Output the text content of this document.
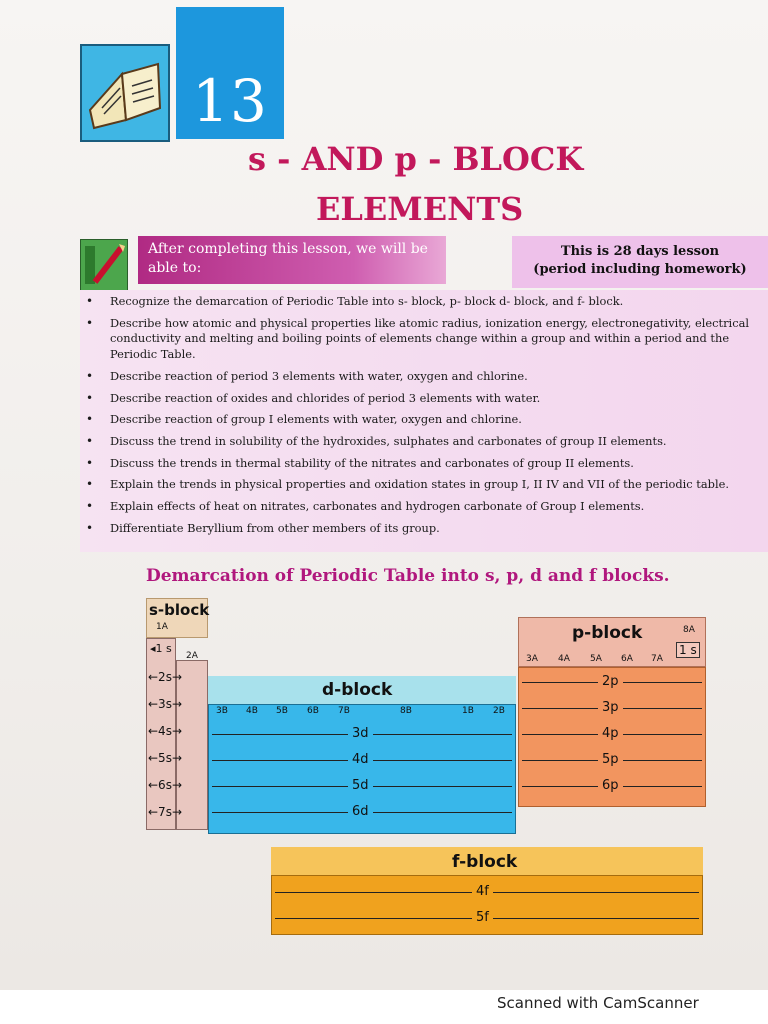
13
s - AND p - BLOCK
ELEMENTS
After completing this lesson, we will be able to:
This is 28 days lesson
(period including homework)
• Recognize the demarcation of Periodic Table into s- block, p- block d- block, and f- block.
• Describe how atomic and physical properties like atomic radius, ionization energy, electronegativity, electrical conductivity and melting and boiling points of elements change within a group and within a period and the Periodic Table.
• Describe reaction of period 3 elements with water, oxygen and chlorine.
• Describe reaction of oxides and chlorides of period 3 elements with water.
• Describe reaction of group I elements with water, oxygen and chlorine.
• Discuss the trend in solubility of the hydroxides, sulphates and carbonates of group II elements.
• Discuss the trends in thermal stability of the nitrates and carbonates of group II elements.
• Explain the trends in physical properties and oxidation states in group I, II IV and VII of the periodic table.
• Explain effects of heat on nitrates, carbonates and hydrogen carbonate of Group I elements.
• Differentiate Beryllium from other members of its group.
Demarcation of Periodic Table into s, p, d and f blocks.
s-block
1A
2A
◂1 s
d-block
p-block	8A
1 s
f-block
←2s→
←3s→
←4s→
←5s→
←6s→
←7s→
3B 4B 5B 6B 7B	8B	1B 2B
3d
4d
5d
6d
3A 4A 5A 6A 7A
2p
3p
4p
5p
6p
4f
5f
Scanned with CamScanner
